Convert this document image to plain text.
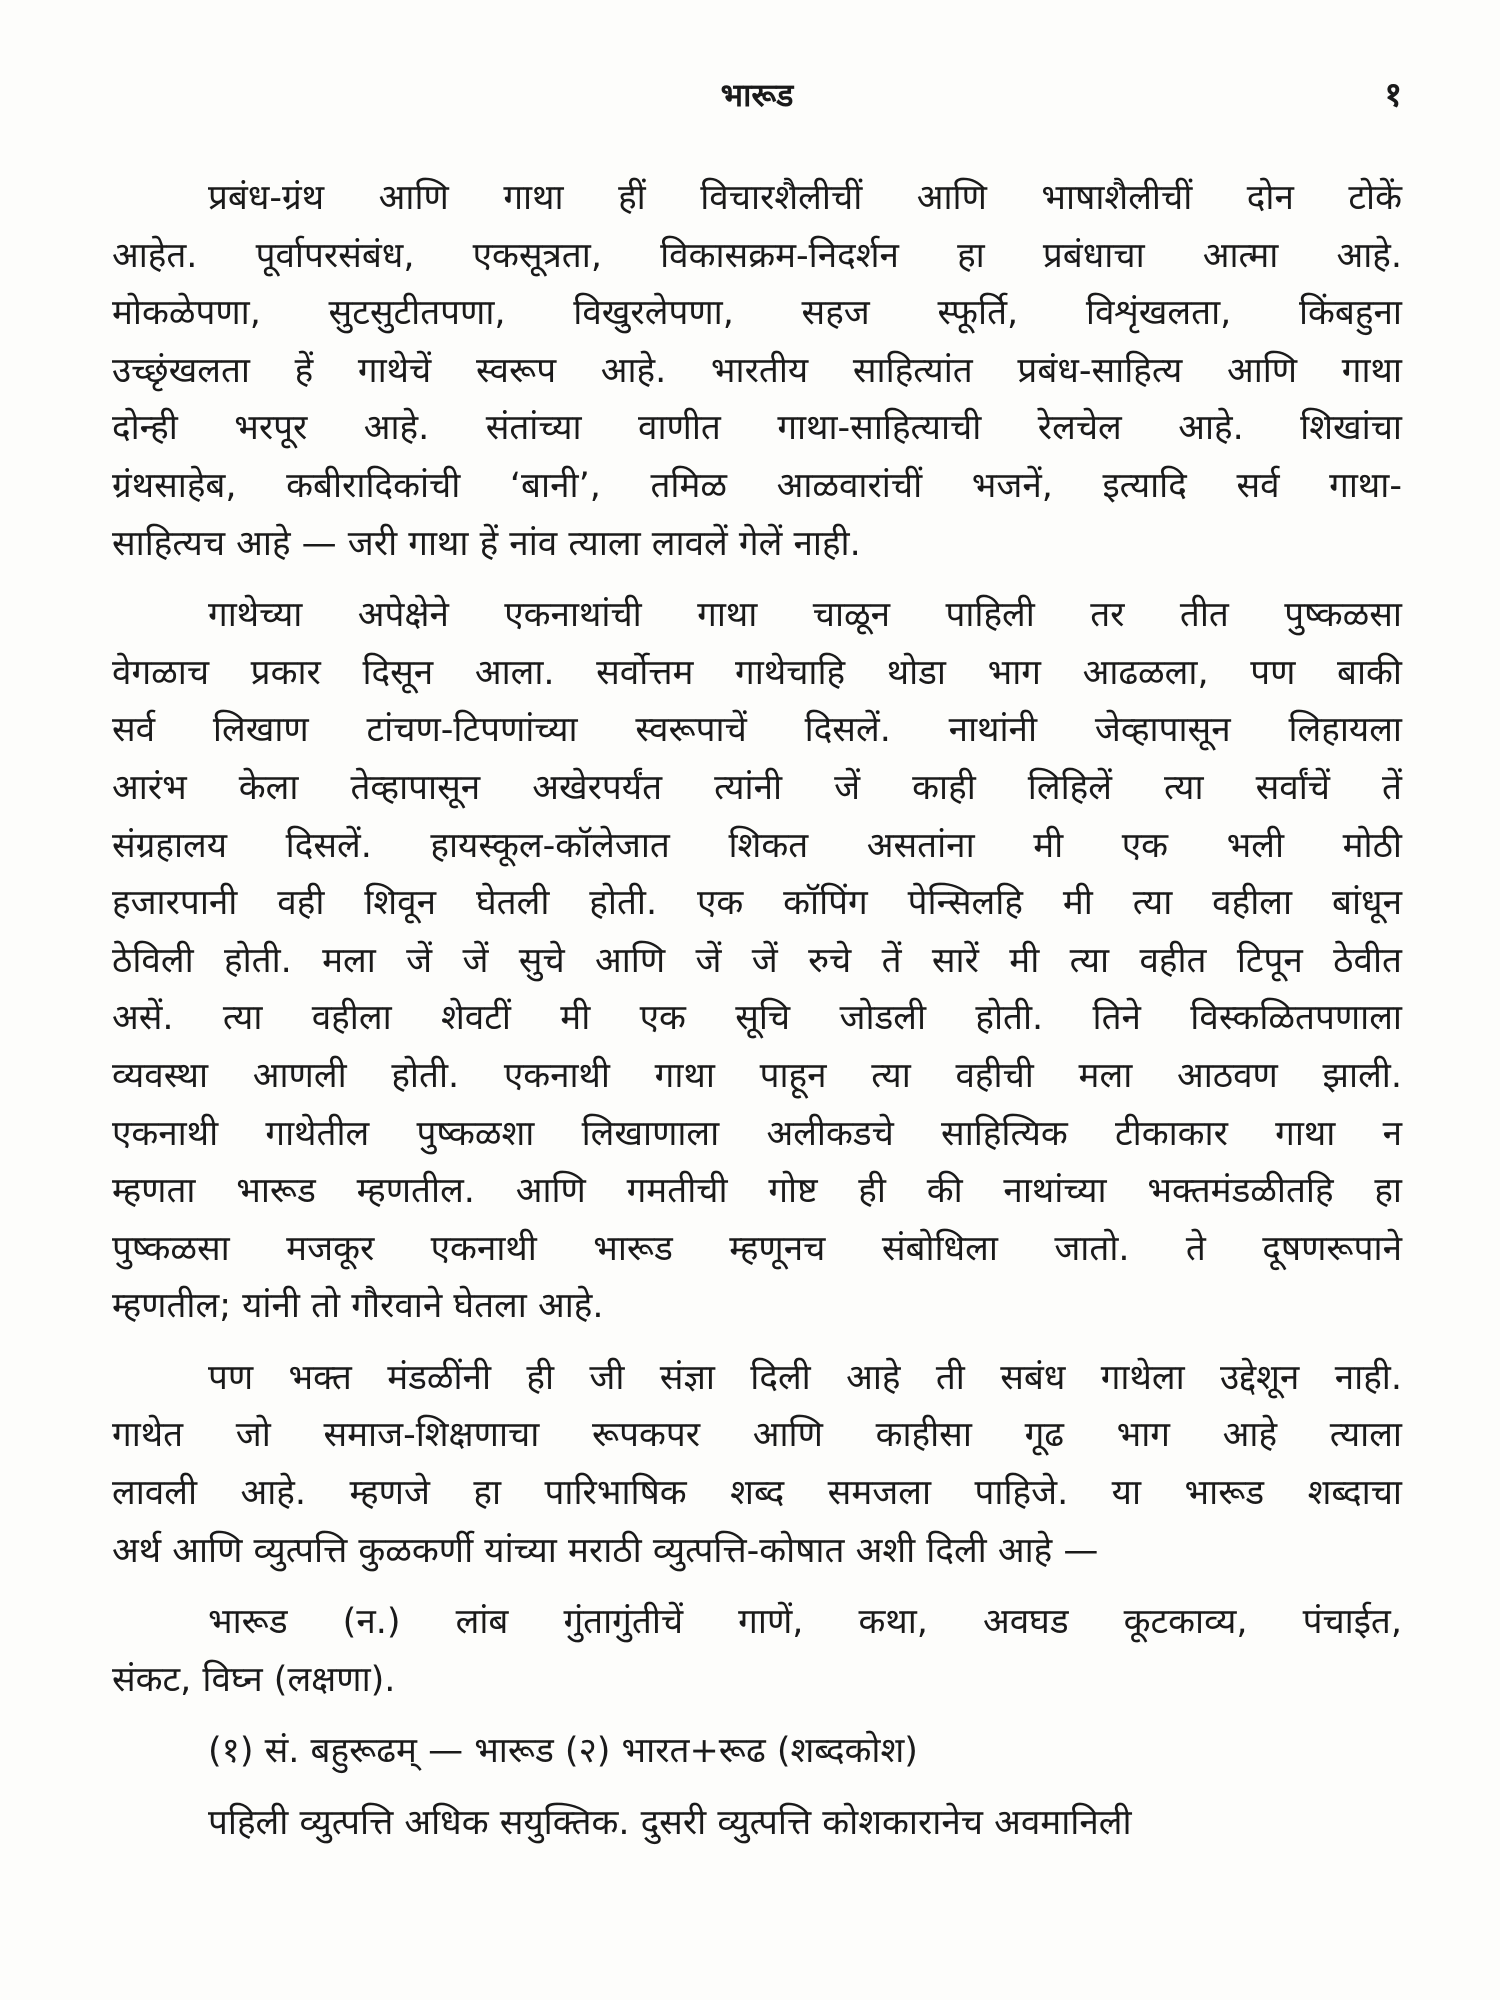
भारूड	१
प्रबंध-ग्रंथ आणि गाथा हीं विचारशैलीचीं आणि भाषाशैलीचीं दोन टोकें
आहेत. पूर्वापरसंबंध, एकसूत्रता, विकासक्रम-निदर्शन हा प्रबंधाचा आत्मा आहे.
मोकळेपणा, सुटसुटीतपणा, विखुरलेपणा, सहज स्फूर्ति, विशृंखलता, किंबहुना
उच्छृंखलता हें गाथेचें स्वरूप आहे. भारतीय साहित्यांत प्रबंध-साहित्य आणि गाथा
दोन्ही भरपूर आहे. संतांच्या वाणीत गाथा-साहित्याची रेलचेल आहे. शिखांचा
ग्रंथसाहेब, कबीरादिकांची ‘बानी’, तमिळ आळवारांचीं भजनें, इत्यादि सर्व गाथा-
साहित्यच आहे — जरी गाथा हें नांव त्याला लावलें गेलें नाही.
गाथेच्या अपेक्षेने एकनाथांची गाथा चाळून पाहिली तर तीत पुष्कळसा
वेगळाच प्रकार दिसून आला. सर्वोत्तम गाथेचाहि थोडा भाग आढळला, पण बाकी
सर्व लिखाण टांचण-टिपणांच्या स्वरूपाचें दिसलें. नाथांनी जेव्हापासून लिहायला
आरंभ केला तेव्हापासून अखेरपर्यंत त्यांनी जें काही लिहिलें त्या सर्वांचें तें
संग्रहालय दिसलें. हायस्कूल-कॉलेजात शिकत असतांना मी एक भली मोठी
हजारपानी वही शिवून घेतली होती. एक कॉपिंग पेन्सिलहि मी त्या वहीला बांधून
ठेविली होती. मला जें जें सुचे आणि जें जें रुचे तें सारें मी त्या वहीत टिपून ठेवीत
असें. त्या वहीला शेवटीं मी एक सूचि जोडली होती. तिने विस्कळितपणाला
व्यवस्था आणली होती. एकनाथी गाथा पाहून त्या वहीची मला आठवण झाली.
एकनाथी गाथेतील पुष्कळशा लिखाणाला अलीकडचे साहित्यिक टीकाकार गाथा न
म्हणता भारूड म्हणतील. आणि गमतीची गोष्ट ही की नाथांच्या भक्तमंडळीतहि हा
पुष्कळसा मजकूर एकनाथी भारूड म्हणूनच संबोधिला जातो. ते दूषणरूपाने
म्हणतील; यांनी तो गौरवाने घेतला आहे.
पण भक्त मंडळींनी ही जी संज्ञा दिली आहे ती सबंध गाथेला उद्देशून नाही.
गाथेत जो समाज-शिक्षणाचा रूपकपर आणि काहीसा गूढ भाग आहे त्याला
लावली आहे. म्हणजे हा पारिभाषिक शब्द समजला पाहिजे. या भारूड शब्दाचा
अर्थ आणि व्युत्पत्ति कुळकर्णी यांच्या मराठी व्युत्पत्ति-कोषात अशी दिली आहे —
भारूड (न.) लांब गुंतागुंतीचें गाणें, कथा, अवघड कूटकाव्य, पंचाईत,
संकट, विघ्न (लक्षणा).
(१) सं. बहुरूढम् — भारूड (२) भारत+रूढ (शब्दकोश)
पहिली व्युत्पत्ति अधिक सयुक्तिक. दुसरी व्युत्पत्ति कोशकारानेच अवमानिली
